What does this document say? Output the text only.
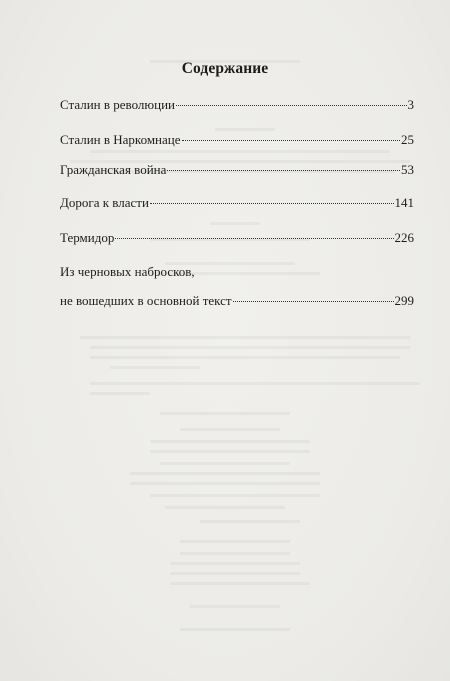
Содержание
Сталин в революции	3
Сталин в Наркомнаце	25
Гражданская война	53
Дорога к власти	141
Термидор	226
Из черновых набросков,
не вошедших в основной текст	299
